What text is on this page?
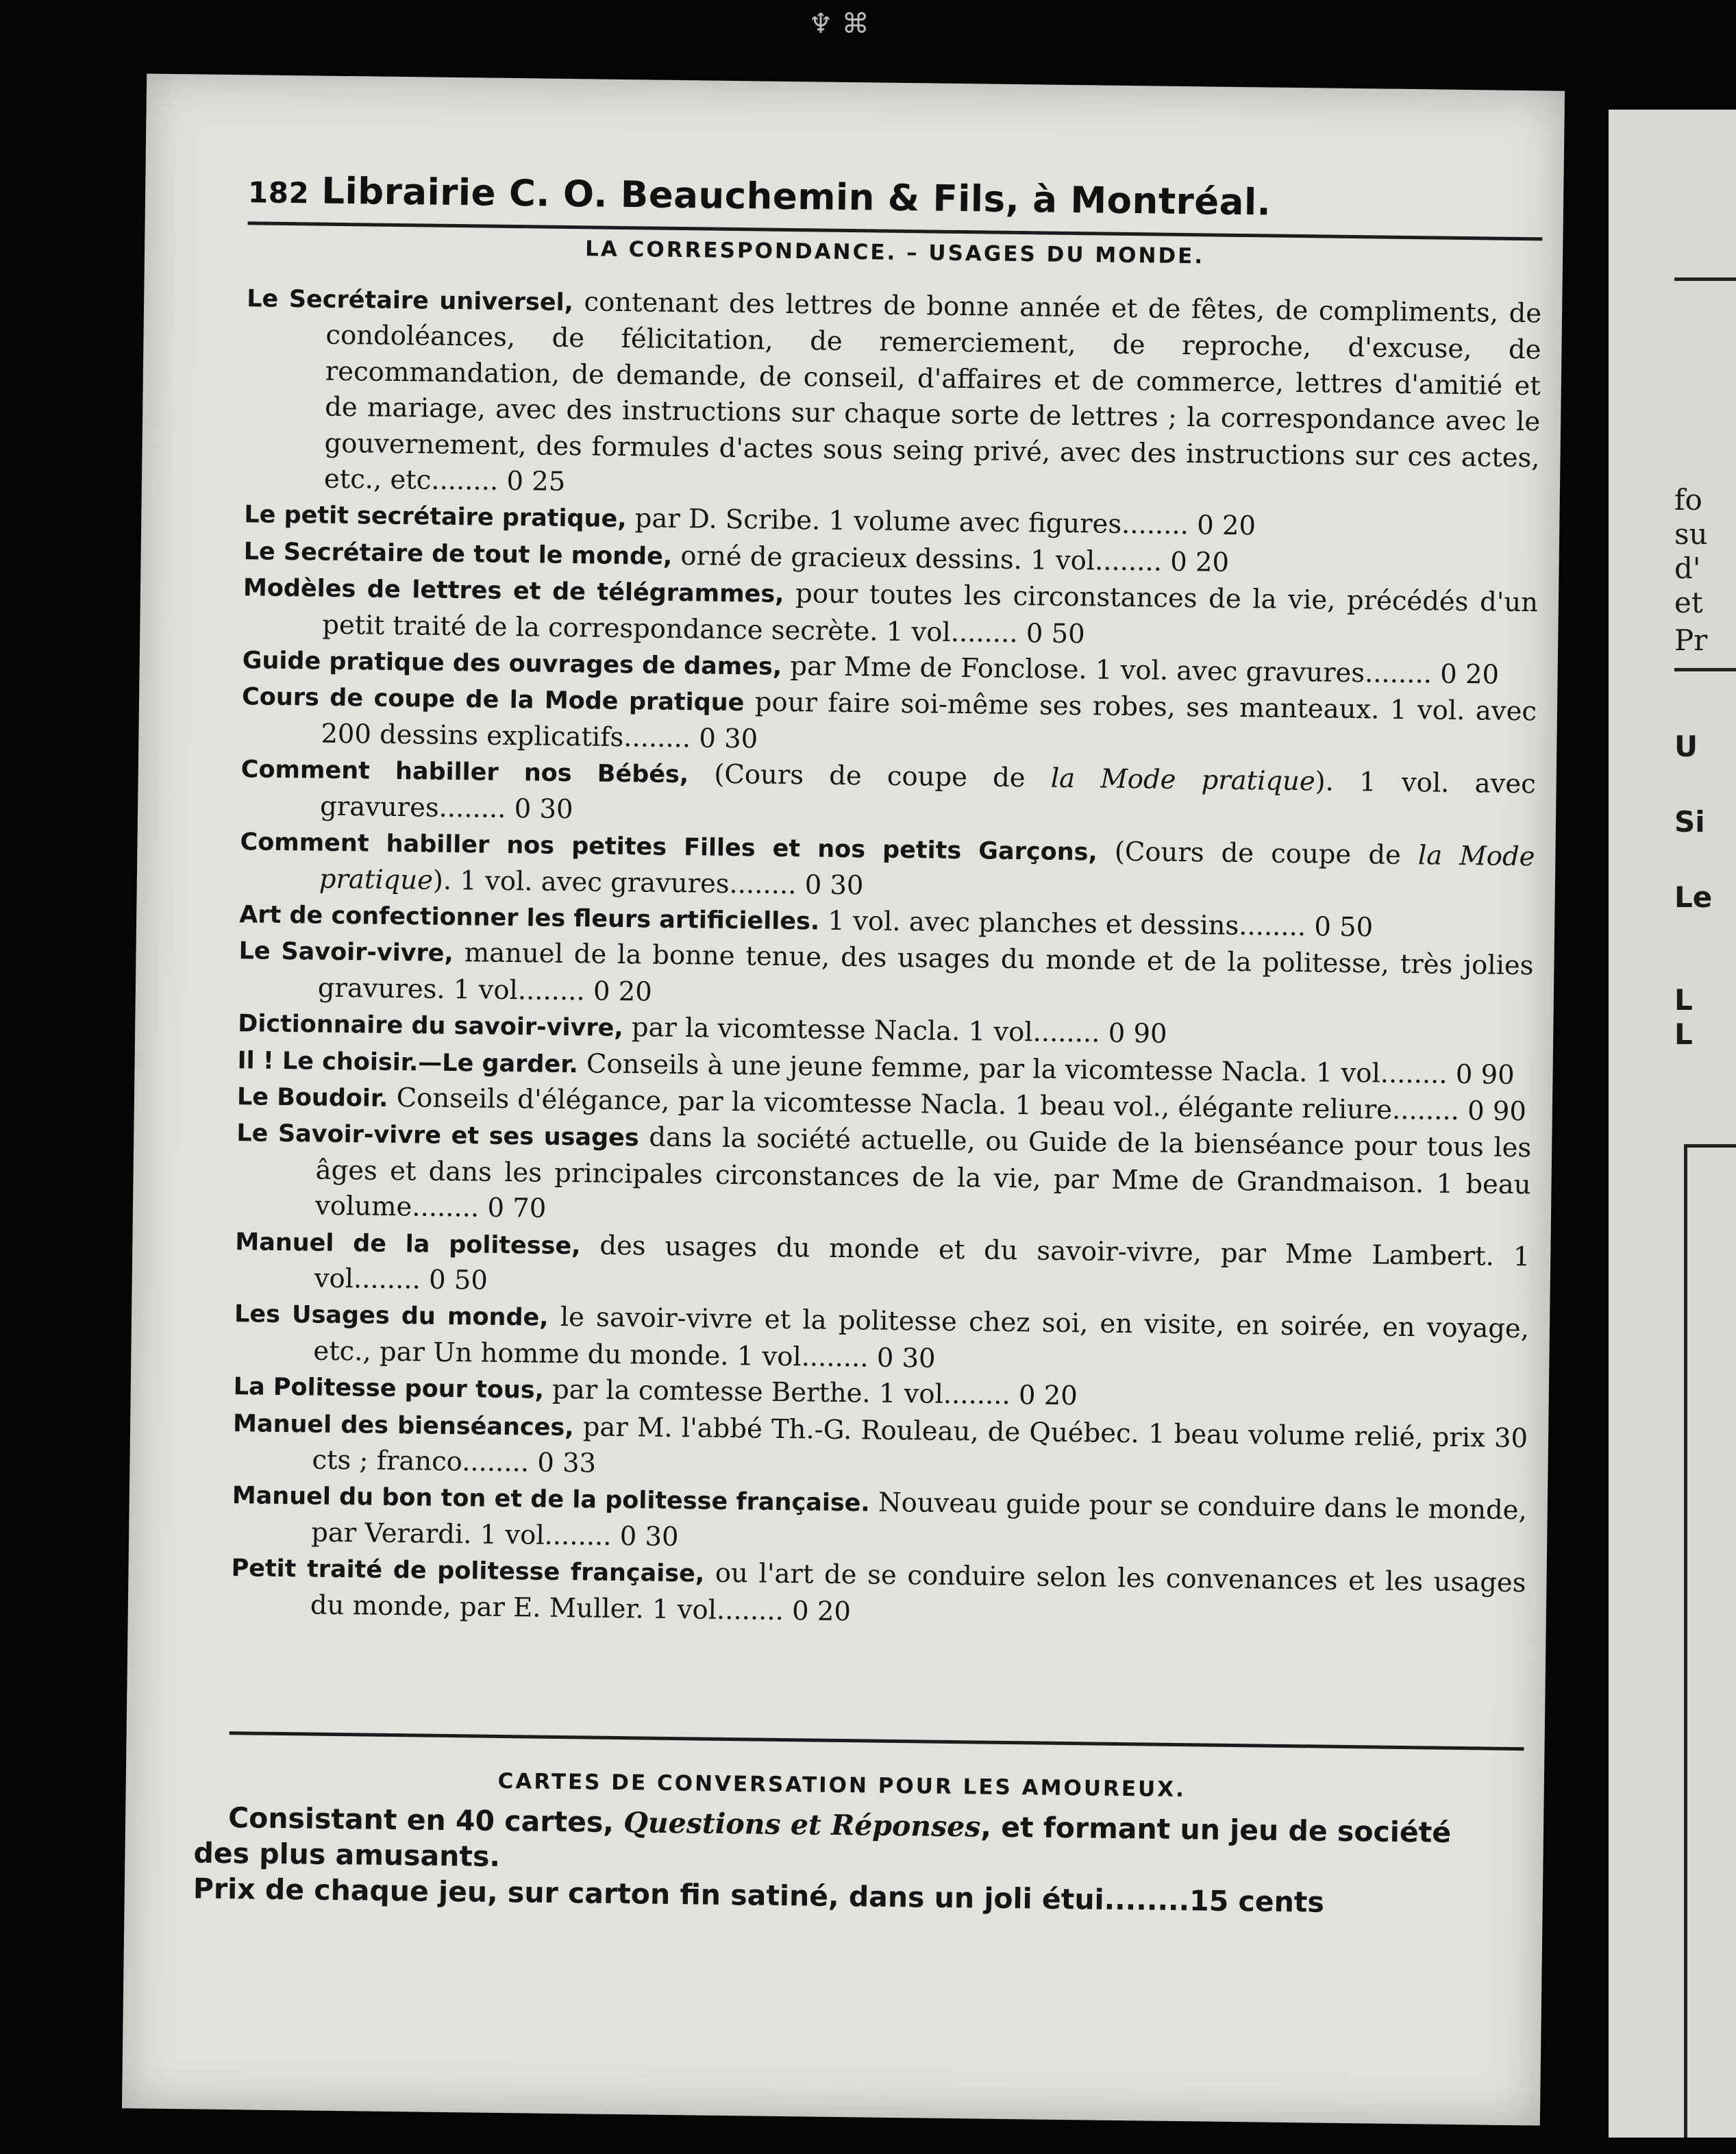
♆ ⌘
182 Librairie C. O. Beauchemin & Fils, à Montréal.
LA CORRESPONDANCE. – USAGES DU MONDE.
Le Secrétaire universel, contenant des lettres de bonne année et de fêtes, de compliments, de condoléances, de félicitation, de remerciement, de reproche, d'excuse, de recommandation, de demande, de conseil, d'affaires et de commerce, lettres d'amitié et de mariage, avec des instructions sur chaque sorte de lettres ; la correspondance avec le gouvernement, des formules d'actes sous seing privé, avec des instructions sur ces actes, etc., etc........ 0 25
Le petit secrétaire pratique, par D. Scribe. 1 volume avec figures........ 0 20
Le Secrétaire de tout le monde, orné de gracieux dessins. 1 vol........ 0 20
Modèles de lettres et de télégrammes, pour toutes les circonstances de la vie, précédés d'un petit traité de la correspondance secrète. 1 vol........ 0 50
Guide pratique des ouvrages de dames, par Mme de Fonclose. 1 vol. avec gravures........ 0 20
Cours de coupe de la Mode pratique pour faire soi-même ses robes, ses manteaux. 1 vol. avec 200 dessins explicatifs........ 0 30
Comment habiller nos Bébés, (Cours de coupe de la Mode pratique). 1 vol. avec gravures........ 0 30
Comment habiller nos petites Filles et nos petits Garçons, (Cours de coupe de la Mode pratique). 1 vol. avec gravures........ 0 30
Art de confectionner les fleurs artificielles. 1 vol. avec planches et dessins........ 0 50
Le Savoir-vivre, manuel de la bonne tenue, des usages du monde et de la politesse, très jolies gravures. 1 vol........ 0 20
Dictionnaire du savoir-vivre, par la vicomtesse Nacla. 1 vol........ 0 90
Il ! Le choisir.—Le garder. Conseils à une jeune femme, par la vicomtesse Nacla. 1 vol........ 0 90
Le Boudoir. Conseils d'élégance, par la vicomtesse Nacla. 1 beau vol., élégante reliure........ 0 90
Le Savoir-vivre et ses usages dans la société actuelle, ou Guide de la bienséance pour tous les âges et dans les principales circonstances de la vie, par Mme de Grandmaison. 1 beau volume........ 0 70
Manuel de la politesse, des usages du monde et du savoir-vivre, par Mme Lambert. 1 vol........ 0 50
Les Usages du monde, le savoir-vivre et la politesse chez soi, en visite, en soirée, en voyage, etc., par Un homme du monde. 1 vol........ 0 30
La Politesse pour tous, par la comtesse Berthe. 1 vol........ 0 20
Manuel des bienséances, par M. l'abbé Th.-G. Rouleau, de Québec. 1 beau volume relié, prix 30 cts ; franco........ 0 33
Manuel du bon ton et de la politesse française. Nouveau guide pour se conduire dans le monde, par Verardi. 1 vol........ 0 30
Petit traité de politesse française, ou l'art de se conduire selon les convenances et les usages du monde, par E. Muller. 1 vol........ 0 20
CARTES DE CONVERSATION POUR LES AMOUREUX.

Consistant en 40 cartes, Questions et Réponses, et formant un jeu de société des plus amusants.

Prix de chaque jeu, sur carton fin satiné, dans un joli étui........15 cents

fo
su
d'
et
Pr
U
Si
Le
L
L
